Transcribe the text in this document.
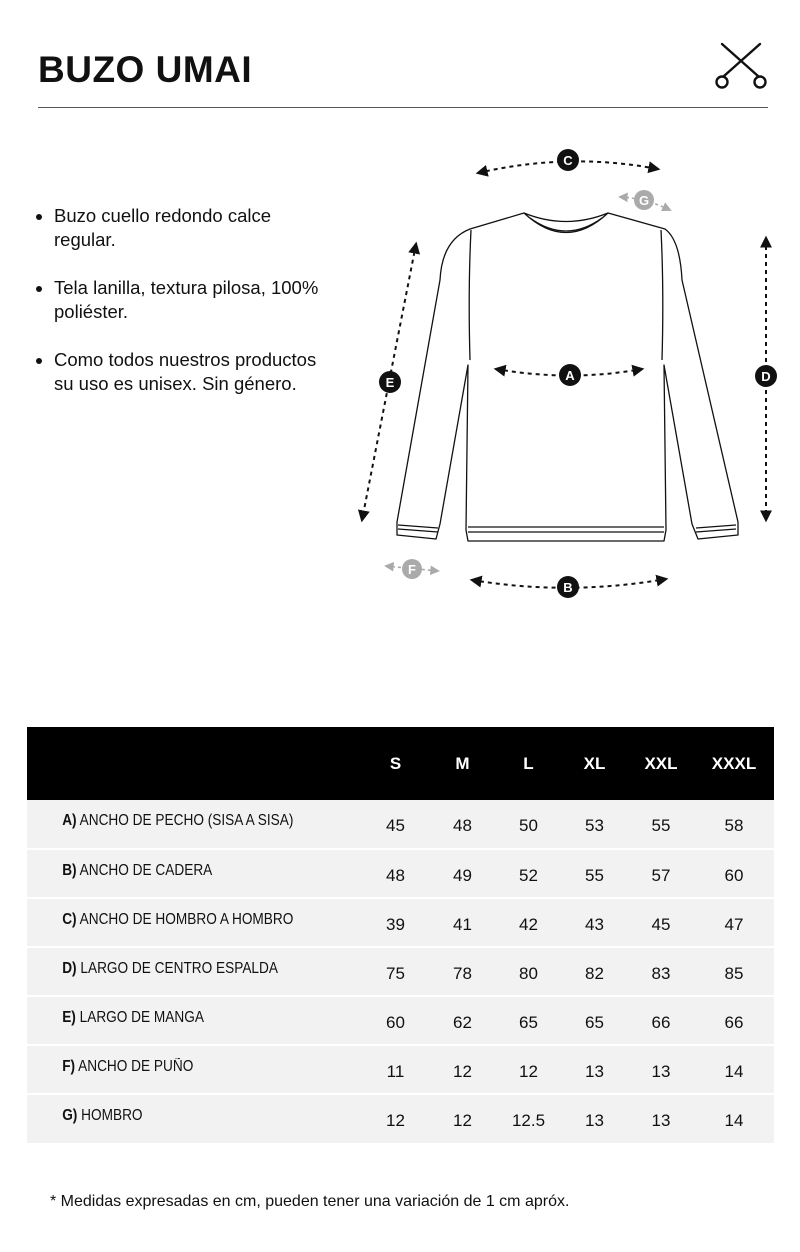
BUZO UMAI
Buzo cuello redondo calce regular.
Tela lanilla, textura pilosa, 100% poliéster.
Como todos nuestros productos su uso es unisex. Sin género.
C
G
A
B
D
E
F
	S	M	L	XL	XXL	XXXL
A) ANCHO DE PECHO (SISA A SISA)	45	48	50	53	55	58
B) ANCHO DE CADERA	48	49	52	55	57	60
C) ANCHO DE HOMBRO A HOMBRO	39	41	42	43	45	47
D) LARGO DE CENTRO ESPALDA	75	78	80	82	83	85
E) LARGO DE MANGA	60	62	65	65	66	66
F) ANCHO DE PUÑO	11	12	12	13	13	14
G) HOMBRO	12	12	12.5	13	13	14
* Medidas expresadas en cm, pueden tener una variación de 1 cm apróx.
